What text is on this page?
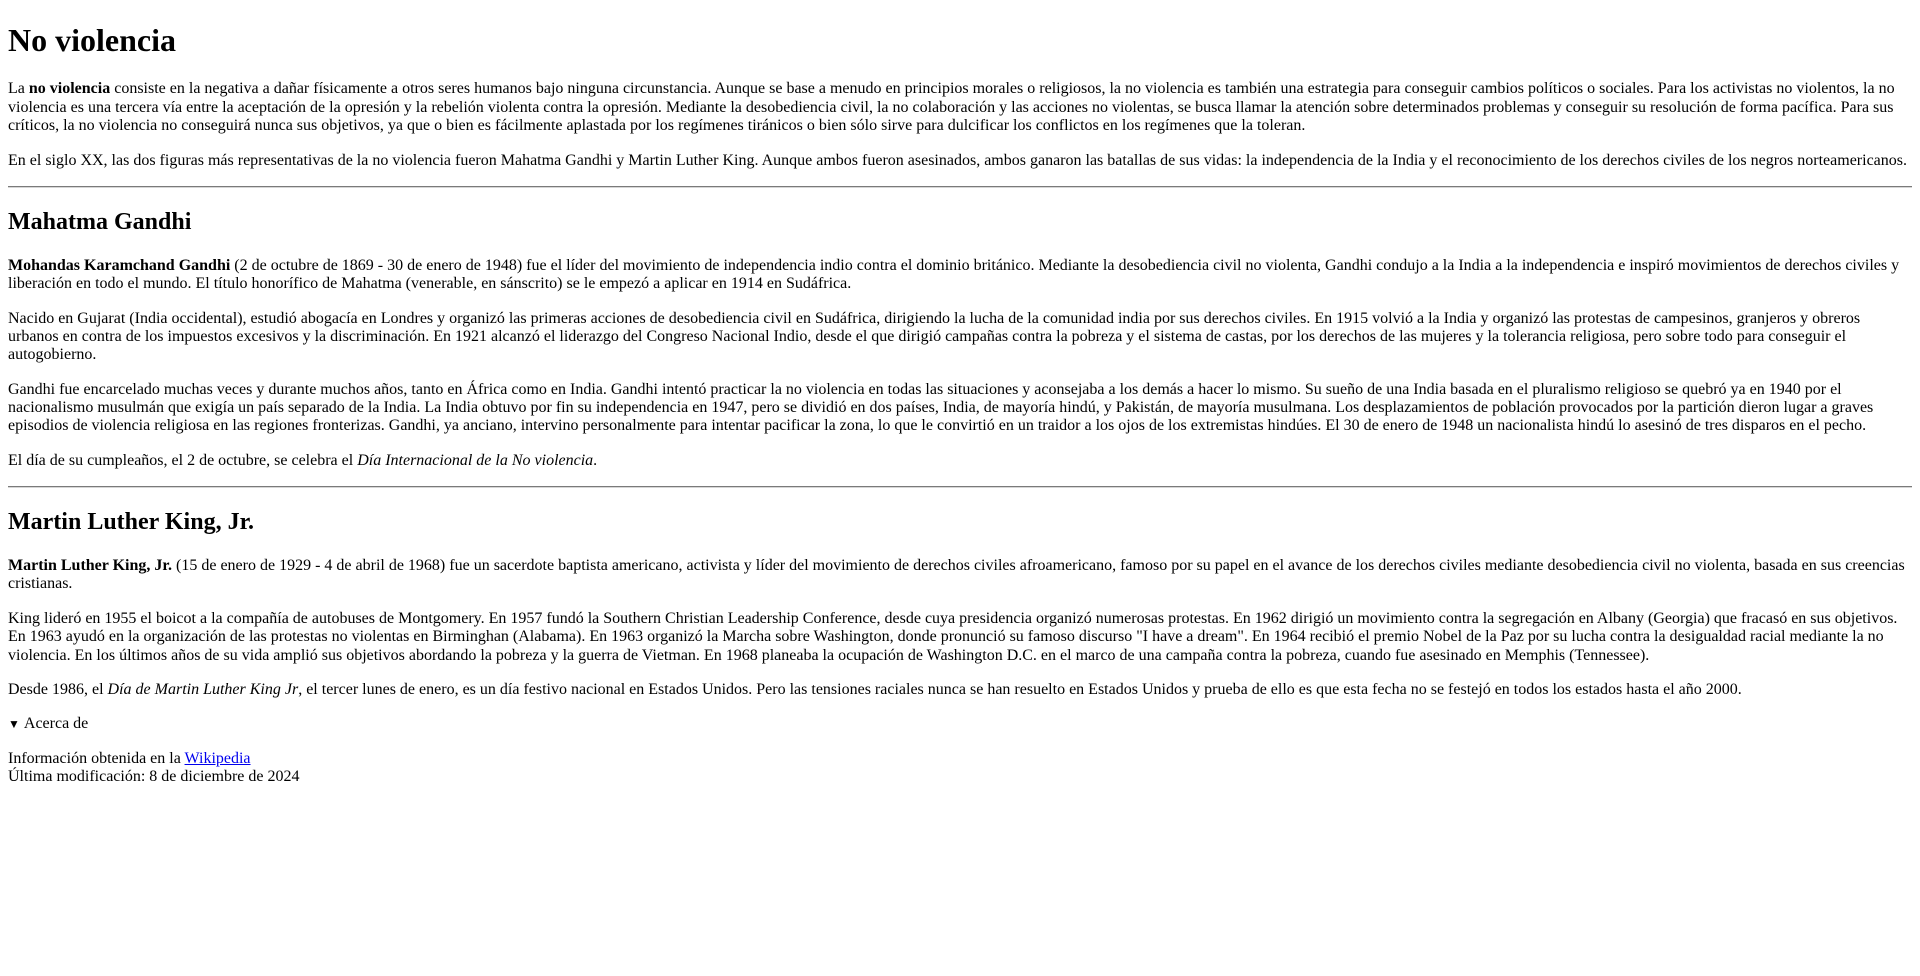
No violencia

La no violencia consiste en la negativa a dañar físicamente a otros seres humanos bajo ninguna circunstancia. Aunque se base a menudo en principios morales o religiosos, la no violencia es también una estrategia para conseguir cambios políticos o sociales. Para los activistas no violentos, la no violencia es una tercera vía entre la aceptación de la opresión y la rebelión violenta contra la opresión. Mediante la desobediencia civil, la no colaboración y las acciones no violentas, se busca llamar la atención sobre determinados problemas y conseguir su resolución de forma pacífica. Para sus críticos, la no violencia no conseguirá nunca sus objetivos, ya que o bien es fácilmente aplastada por los regímenes tiránicos o bien sólo sirve para dulcificar los conflictos en los regímenes que la toleran.

En el siglo XX, las dos figuras más representativas de la no violencia fueron Mahatma Gandhi y Martin Luther King. Aunque ambos fueron asesinados, ambos ganaron las batallas de sus vidas: la independencia de la India y el reconocimiento de los derechos civiles de los negros norteamericanos.

Mahatma Gandhi

Mohandas Karamchand Gandhi (2 de octubre de 1869 - 30 de enero de 1948) fue el líder del movimiento de independencia indio contra el dominio británico. Mediante la desobediencia civil no violenta, Gandhi condujo a la India a la independencia e inspiró movimientos de derechos civiles y liberación en todo el mundo. El título honorífico de Mahatma (venerable, en sánscrito) se le empezó a aplicar en 1914 en Sudáfrica.

Nacido en Gujarat (India occidental), estudió abogacía en Londres y organizó las primeras acciones de desobediencia civil en Sudáfrica, dirigiendo la lucha de la comunidad india por sus derechos civiles. En 1915 volvió a la India y organizó las protestas de campesinos, granjeros y obreros urbanos en contra de los impuestos excesivos y la discriminación. En 1921 alcanzó el liderazgo del Congreso Nacional Indio, desde el que dirigió campañas contra la pobreza y el sistema de castas, por los derechos de las mujeres y la tolerancia religiosa, pero sobre todo para conseguir el autogobierno.

Gandhi fue encarcelado muchas veces y durante muchos años, tanto en África como en India. Gandhi intentó practicar la no violencia en todas las situaciones y aconsejaba a los demás a hacer lo mismo. Su sueño de una India basada en el pluralismo religioso se quebró ya en 1940 por el nacionalismo musulmán que exigía un país separado de la India. La India obtuvo por fin su independencia en 1947, pero se dividió en dos países, India, de mayoría hindú, y Pakistán, de mayoría musulmana. Los desplazamientos de población provocados por la partición dieron lugar a graves episodios de violencia religiosa en las regiones fronterizas. Gandhi, ya anciano, intervino personalmente para intentar pacificar la zona, lo que le convirtió en un traidor a los ojos de los extremistas hindúes. El 30 de enero de 1948 un nacionalista hindú lo asesinó de tres disparos en el pecho.

El día de su cumpleaños, el 2 de octubre, se celebra el Día Internacional de la No violencia.

Martin Luther King, Jr.

Martin Luther King, Jr. (15 de enero de 1929 - 4 de abril de 1968) fue un sacerdote baptista americano, activista y líder del movimiento de derechos civiles afroamericano, famoso por su papel en el avance de los derechos civiles mediante desobediencia civil no violenta, basada en sus creencias cristianas.

King lideró en 1955 el boicot a la compañía de autobuses de Montgomery. En 1957 fundó la Southern Christian Leadership Conference, desde cuya presidencia organizó numerosas protestas. En 1962 dirigió un movimiento contra la segregación en Albany (Georgia) que fracasó en sus objetivos. En 1963 ayudó en la organización de las protestas no violentas en Birminghan (Alabama). En 1963 organizó la Marcha sobre Washington, donde pronunció su famoso discurso "I have a dream". En 1964 recibió el premio Nobel de la Paz por su lucha contra la desigualdad racial mediante la no violencia. En los últimos años de su vida amplió sus objetivos abordando la pobreza y la guerra de Vietman. En 1968 planeaba la ocupación de Washington D.C. en el marco de una campaña contra la pobreza, cuando fue asesinado en Memphis (Tennessee).

Desde 1986, el Día de Martin Luther King Jr, el tercer lunes de enero, es un día festivo nacional en Estados Unidos. Pero las tensiones raciales nunca se han resuelto en Estados Unidos y prueba de ello es que esta fecha no se festejó en todos los estados hasta el año 2000.

▼ Acerca de

Información obtenida en la Wikipedia
Última modificación: 8 de diciembre de 2024
